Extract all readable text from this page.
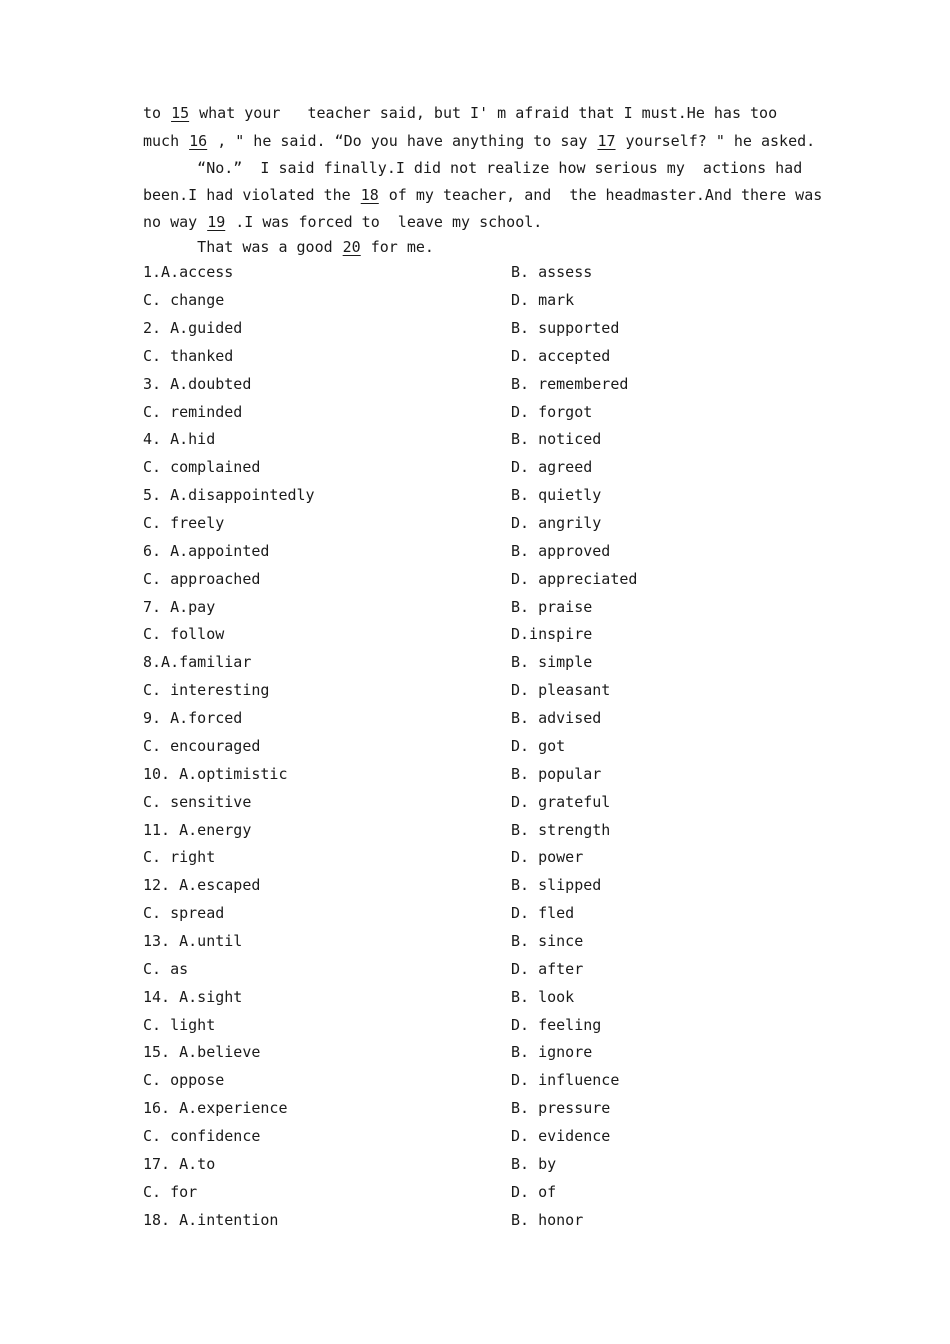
to 15 what your   teacher said, but I' m afraid that I must.He has too
much 16 , " he said. “Do you have anything to say 17 yourself? " he asked.
“No.”  I said finally.I did not realize how serious my  actions had
been.I had violated the 18 of my teacher, and  the headmaster.And there was
no way 19 .I was forced to  leave my school.
That was a good 20 for me.
1.A.access	B. assess
C. change	D. mark
2. A.guided	B. supported
C. thanked	D. accepted
3. A.doubted	B. remembered
C. reminded	D. forgot
4. A.hid	B. noticed
C. complained	D. agreed
5. A.disappointedly	B. quietly
C. freely	D. angrily
6. A.appointed	B. approved
C. approached	D. appreciated
7. A.pay	B. praise
C. follow	D.inspire
8.A.familiar	B. simple
C. interesting	D. pleasant
9. A.forced	B. advised
C. encouraged	D. got
10. A.optimistic	B. popular
C. sensitive	D. grateful
11. A.energy	B. strength
C. right	D. power
12. A.escaped	B. slipped
C. spread	D. fled
13. A.until	B. since
C. as	D. after
14. A.sight	B. look
C. light	D. feeling
15. A.believe	B. ignore
C. oppose	D. influence
16. A.experience	B. pressure
C. confidence	D. evidence
17. A.to	B. by
C. for	D. of
18. A.intention	B. honor
